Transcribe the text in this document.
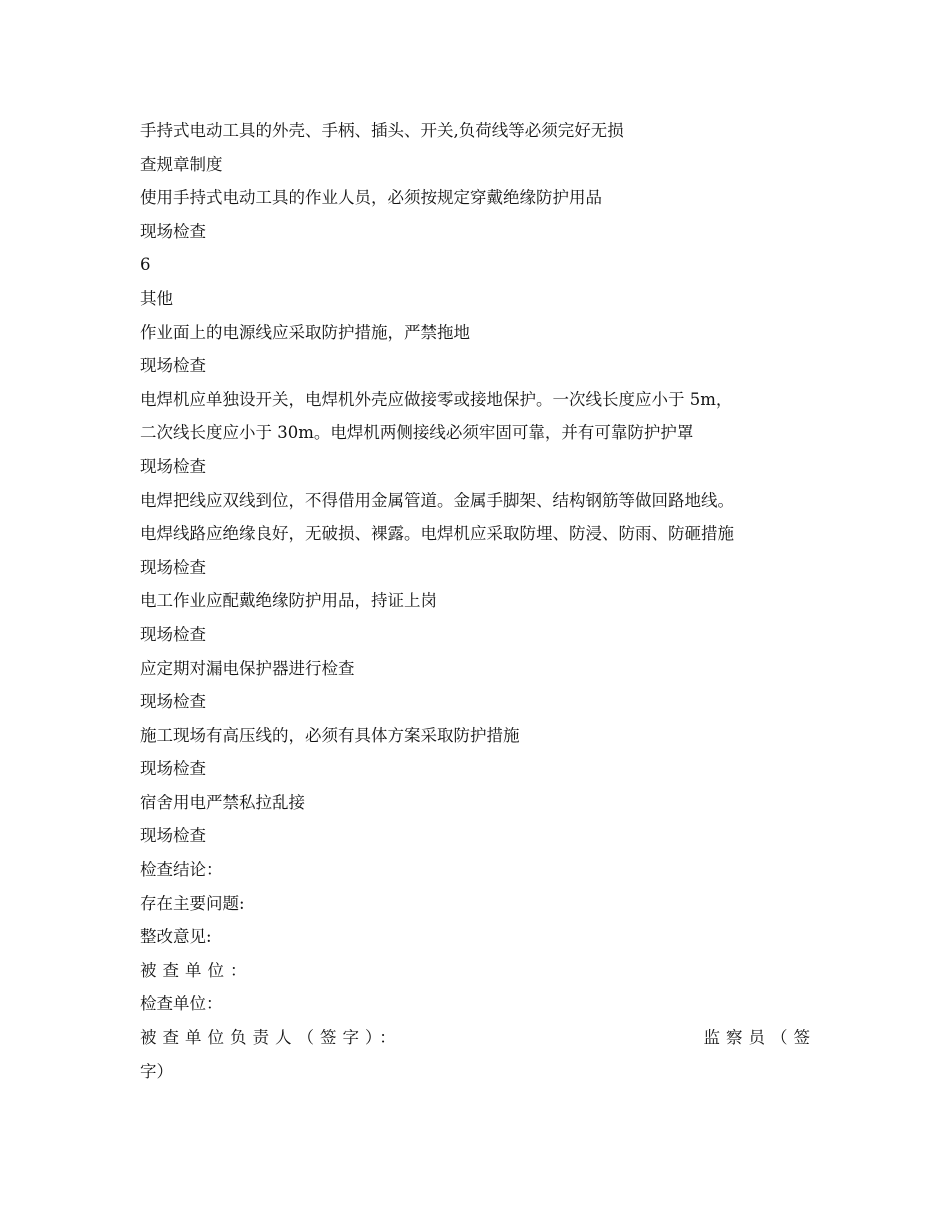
手持式电动工具的外壳、手柄、插头、开关,负荷线等必须完好无损
查规章制度
使用手持式电动工具的作业人员，必须按规定穿戴绝缘防护用品
现场检查
6
其他
作业面上的电源线应采取防护措施，严禁拖地
现场检查
电焊机应单独设开关，电焊机外壳应做接零或接地保护。一次线长度应小于 5m，
二次线长度应小于 30m。电焊机两侧接线必须牢固可靠，并有可靠防护护罩
现场检查
电焊把线应双线到位，不得借用金属管道。金属手脚架、结构钢筋等做回路地线。
电焊线路应绝缘良好，无破损、裸露。电焊机应采取防埋、防浸、防雨、防砸措施
现场检查
电工作业应配戴绝缘防护用品，持证上岗
现场检查
应定期对漏电保护器进行检查
现场检查
施工现场有高压线的，必须有具体方案采取防护措施
现场检查
宿舍用电严禁私拉乱接
现场检查
检查结论：
存在主要问题:
整改意见:
被查单位：
检查单位：
被查单位负责人（签字）：	监察员（签
字）
